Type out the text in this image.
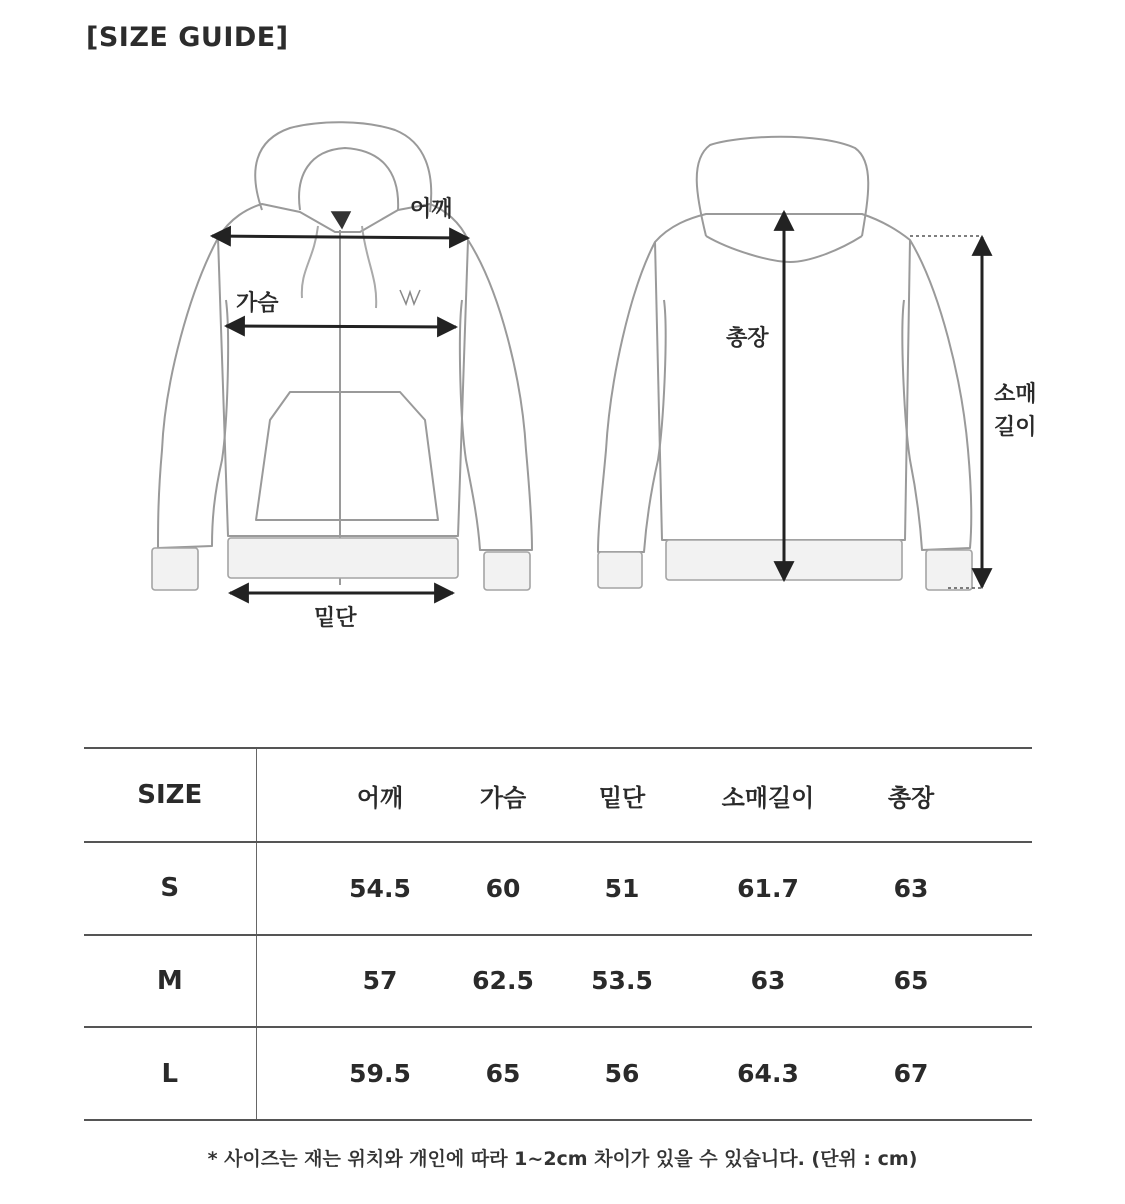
[SIZE GUIDE]
어깨
가슴
밑단
총장
소매
길이
SIZE		어깨	가슴	밑단	소매길이	총장	
S		54.5	60	51	61.7	63	
M		57	62.5	53.5	63	65	
L		59.5	65	56	64.3	67	
* 사이즈는 재는 위치와 개인에 따라 1~2cm 차이가 있을 수 있습니다. (단위 : cm)
